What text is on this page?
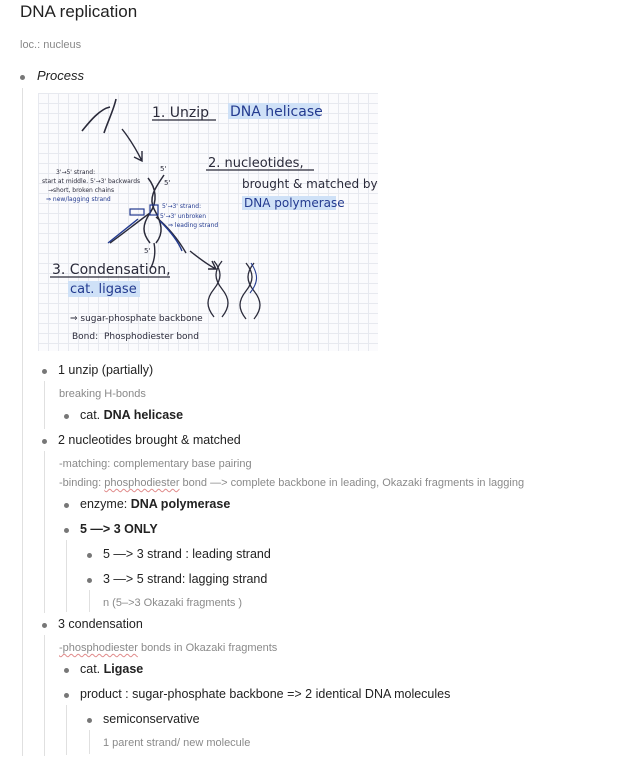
DNA replication
loc.: nucleus
Process
1. Unzip DNA helicase
2. nucleotides,
brought & matched by
DNA polymerase
3'→5' strand:
start at middle. 5'→3' backwards
→short, broken chains
⇒ new/lagging strand
5'→3' strand:
5'→3' unbroken
⇒ leading strand
5'
5'
5'
3. Condensation,
cat. ligase
⇒ sugar-phosphate backbone
Bond: Phosphodiester bond
1 unzip (partially)
breaking H-bonds
cat. DNA helicase
2 nucleotides brought & matched
-matching: complementary base pairing
-binding: phosphodiester bond —> complete backbone in leading, Okazaki fragments in lagging
enzyme: DNA polymerase
5 —> 3 ONLY
5 —> 3 strand : leading strand
3 —> 5 strand: lagging strand
n (5–>3 Okazaki fragments )
3 condensation
-phosphodiester bonds in Okazaki fragments
cat. Ligase
product : sugar-phosphate backbone => 2 identical DNA molecules
semiconservative
1 parent strand/ new molecule
